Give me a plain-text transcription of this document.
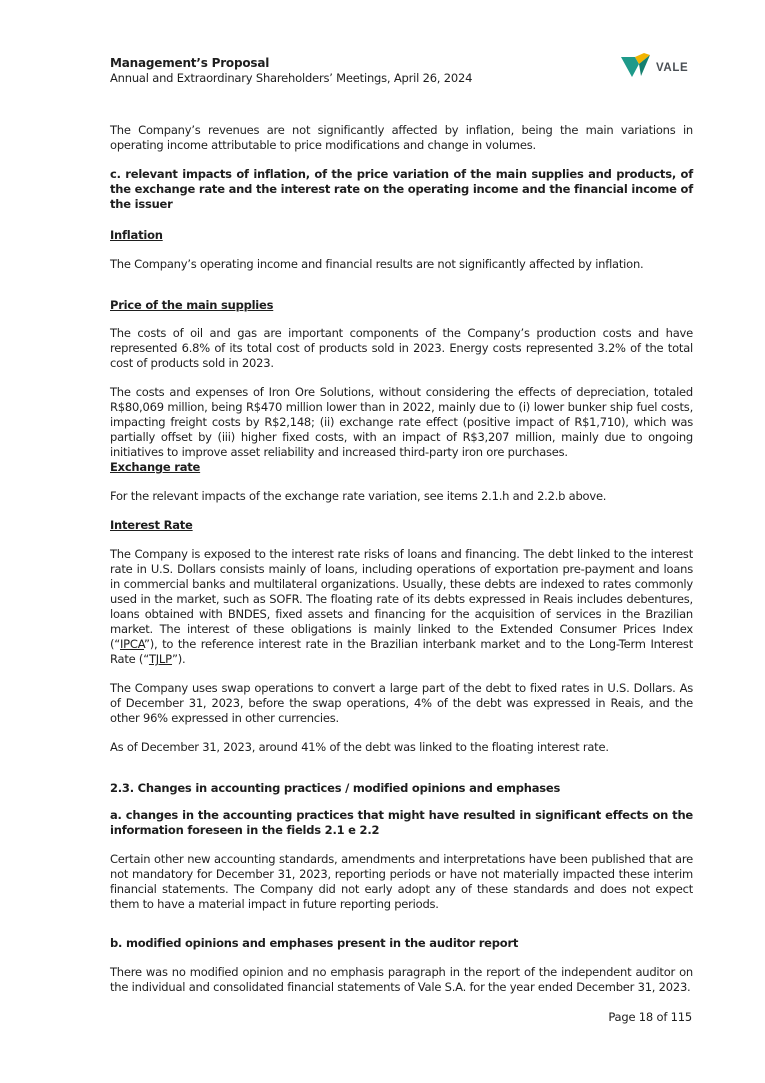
Management’s Proposal
Annual and Extraordinary Shareholders’ Meetings, April 26, 2024
VALE

The Company’s revenues are not significantly affected by inflation, being the main variations in operating income attributable to price modifications and change in volumes.

c. relevant impacts of inflation, of the price variation of the main supplies and products, of the exchange rate and the interest rate on the operating income and the financial income of the issuer

Inflation

The Company’s operating income and financial results are not significantly affected by inflation.

Price of the main supplies

The costs of oil and gas are important components of the Company’s production costs and have represented 6.8% of its total cost of products sold in 2023. Energy costs represented 3.2% of the total cost of products sold in 2023.

The costs and expenses of Iron Ore Solutions, without considering the effects of depreciation, totaled R$80,069 million, being R$470 million lower than in 2022, mainly due to (i) lower bunker ship fuel costs, impacting freight costs by R$2,148; (ii) exchange rate effect (positive impact of R$1,710), which was partially offset by (iii) higher fixed costs, with an impact of R$3,207 million, mainly due to ongoing initiatives to improve asset reliability and increased third-party iron ore purchases.

Exchange rate

For the relevant impacts of the exchange rate variation, see items 2.1.h and 2.2.b above.

Interest Rate

The Company is exposed to the interest rate risks of loans and financing. The debt linked to the interest rate in U.S. Dollars consists mainly of loans, including operations of exportation pre-payment and loans in commercial banks and multilateral organizations. Usually, these debts are indexed to rates commonly used in the market, such as SOFR. The floating rate of its debts expressed in Reais includes debentures, loans obtained with BNDES, fixed assets and financing for the acquisition of services in the Brazilian market. The interest of these obligations is mainly linked to the Extended Consumer Prices Index (“IPCA”), to the reference interest rate in the Brazilian interbank market and to the Long-Term Interest Rate (“TJLP”).

The Company uses swap operations to convert a large part of the debt to fixed rates in U.S. Dollars. As of December 31, 2023, before the swap operations, 4% of the debt was expressed in Reais, and the other 96% expressed in other currencies.

As of December 31, 2023, around 41% of the debt was linked to the floating interest rate.

2.3. Changes in accounting practices / modified opinions and emphases

a. changes in the accounting practices that might have resulted in significant effects on the information foreseen in the fields 2.1 e 2.2

Certain other new accounting standards, amendments and interpretations have been published that are not mandatory for December 31, 2023, reporting periods or have not materially impacted these interim financial statements. The Company did not early adopt any of these standards and does not expect them to have a material impact in future reporting periods.

b. modified opinions and emphases present in the auditor report

There was no modified opinion and no emphasis paragraph in the report of the independent auditor on the individual and consolidated financial statements of Vale S.A. for the year ended December 31, 2023.

Page 18 of 115
